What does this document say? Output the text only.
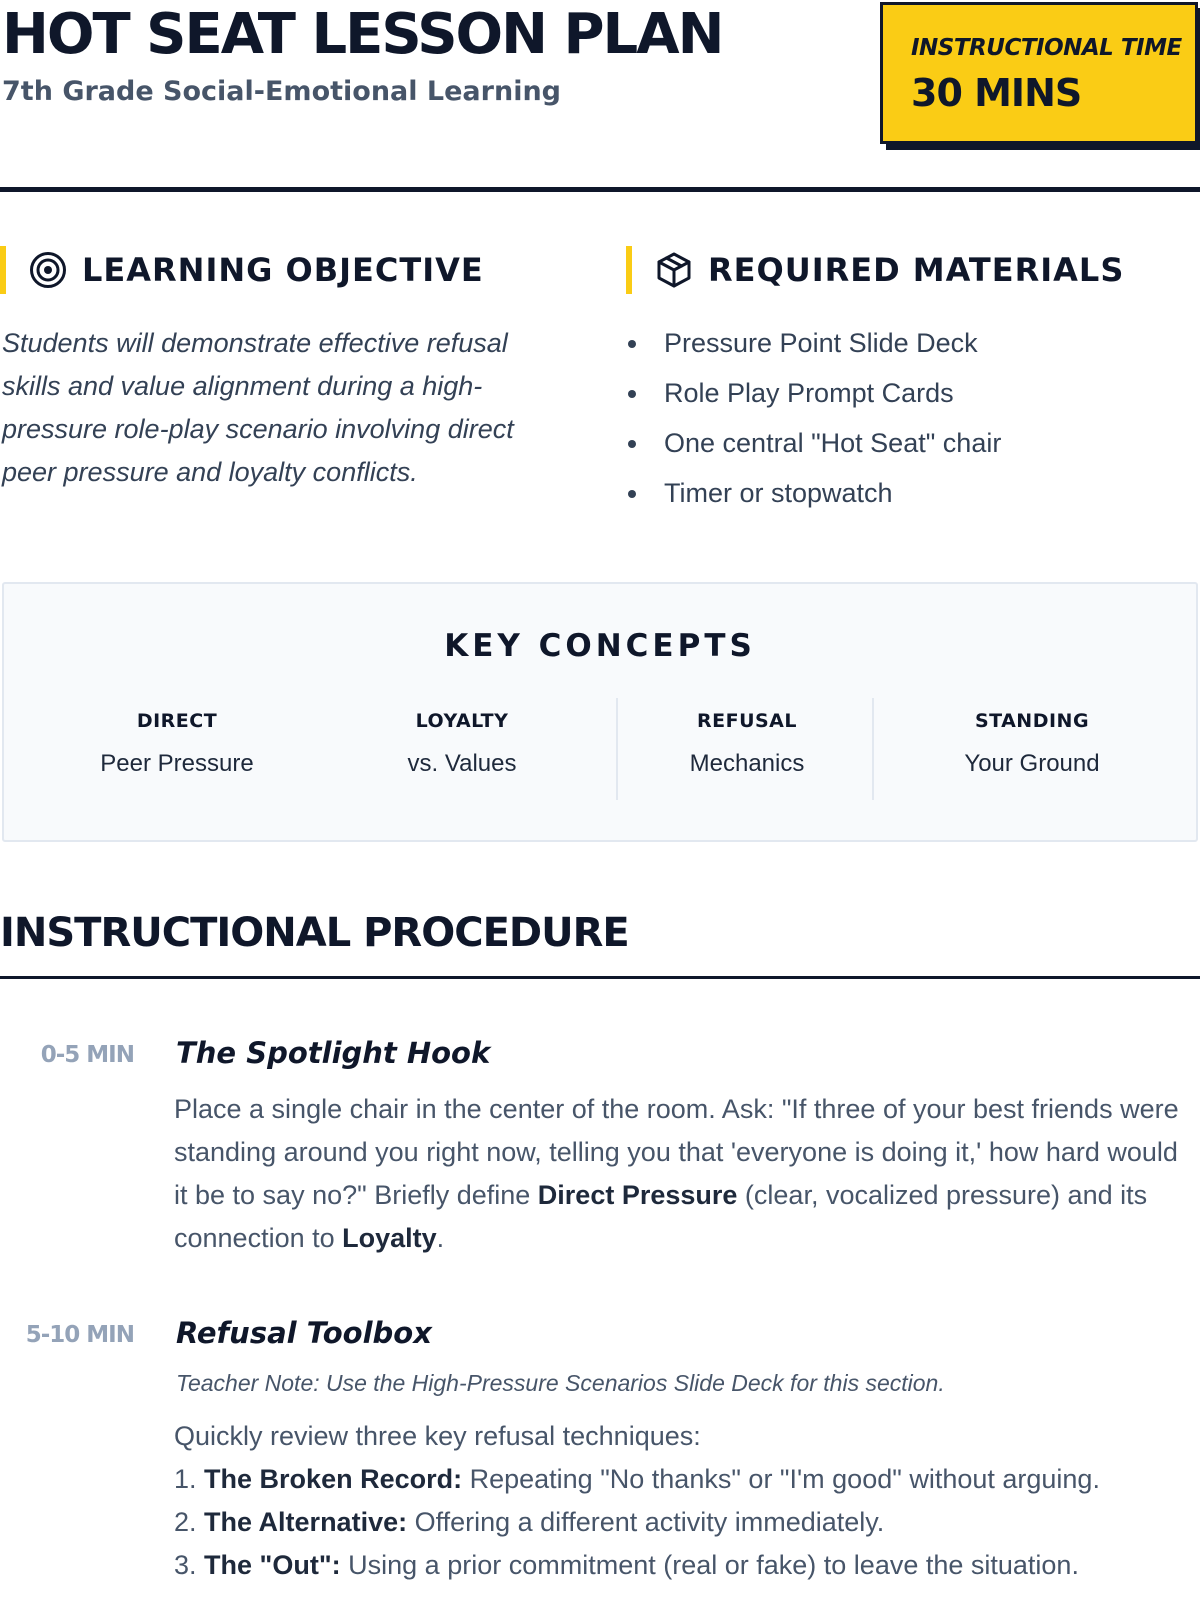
HOT SEAT LESSON PLAN
7th Grade Social-Emotional Learning
INSTRUCTIONAL TIME
30 MINS
LEARNING OBJECTIVE

Students will demonstrate effective refusal skills and value alignment during a high-pressure role-play scenario involving direct peer pressure and loyalty conflicts.

REQUIRED MATERIALS
Pressure Point Slide Deck
Role Play Prompt Cards
One central "Hot Seat" chair
Timer or stopwatch
KEY CONCEPTS
DIRECT
Peer Pressure
LOYALTY
vs. Values
REFUSAL
Mechanics
STANDING
Your Ground
INSTRUCTIONAL PROCEDURE
0-5 MIN The Spotlight Hook

Place a single chair in the center of the room. Ask: "If three of your best friends were standing around you right now, telling you that 'everyone is doing it,' how hard would it be to say no?" Briefly define Direct Pressure (clear, vocalized pressure) and its connection to Loyalty.

5-10 MIN Refusal Toolbox

Teacher Note: Use the High-Pressure Scenarios Slide Deck for this section.

Quickly review three key refusal techniques:
1. The Broken Record: Repeating "No thanks" or "I'm good" without arguing.
2. The Alternative: Offering a different activity immediately.
3. The "Out": Using a prior commitment (real or fake) to leave the situation.
